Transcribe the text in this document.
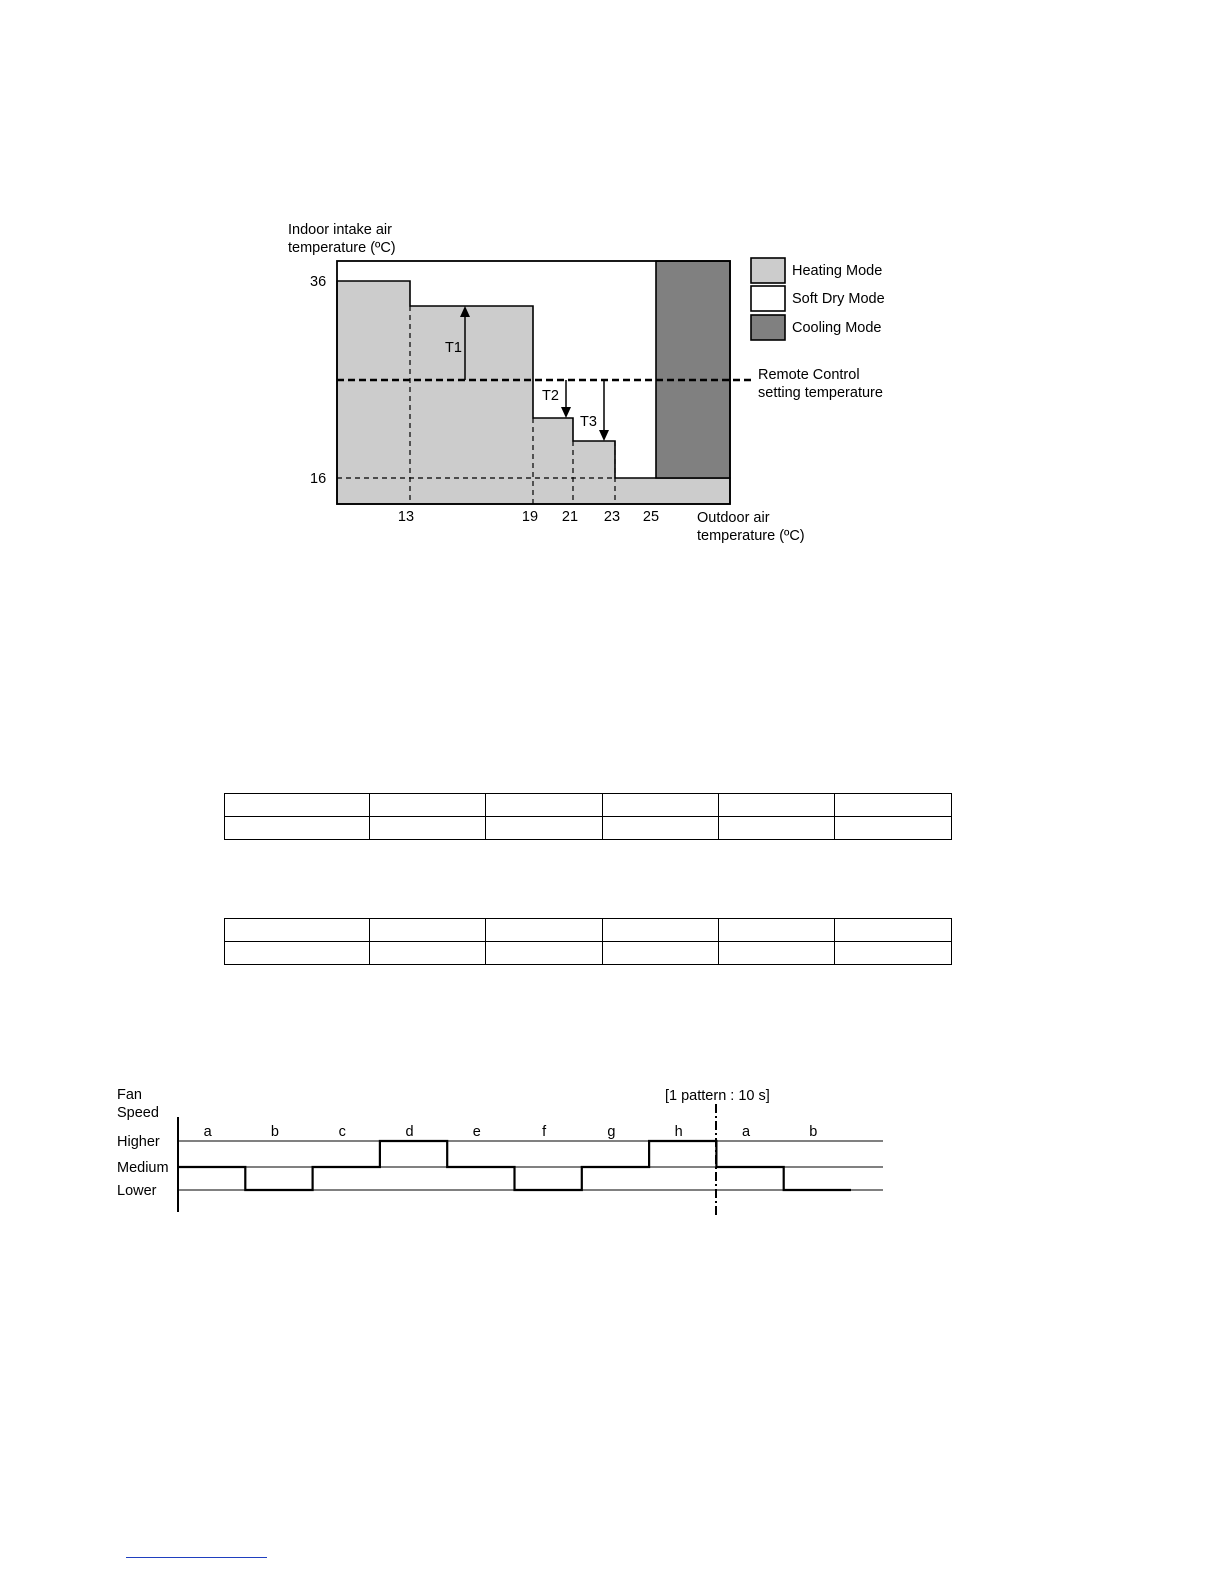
Indoor intake air
temperature (ºC)
36
16
13	19 21 23 25	Outdoor air
temperature (ºC)
T1
T2
T3
Remote Control
setting temperature
Heating Mode
Soft Dry Mode
Cooling Mode

Fan
Speed
Higher
Medium
Lower
[1 pattern : 10 s]
a	b	c	d	e	f	g	h	a	b
